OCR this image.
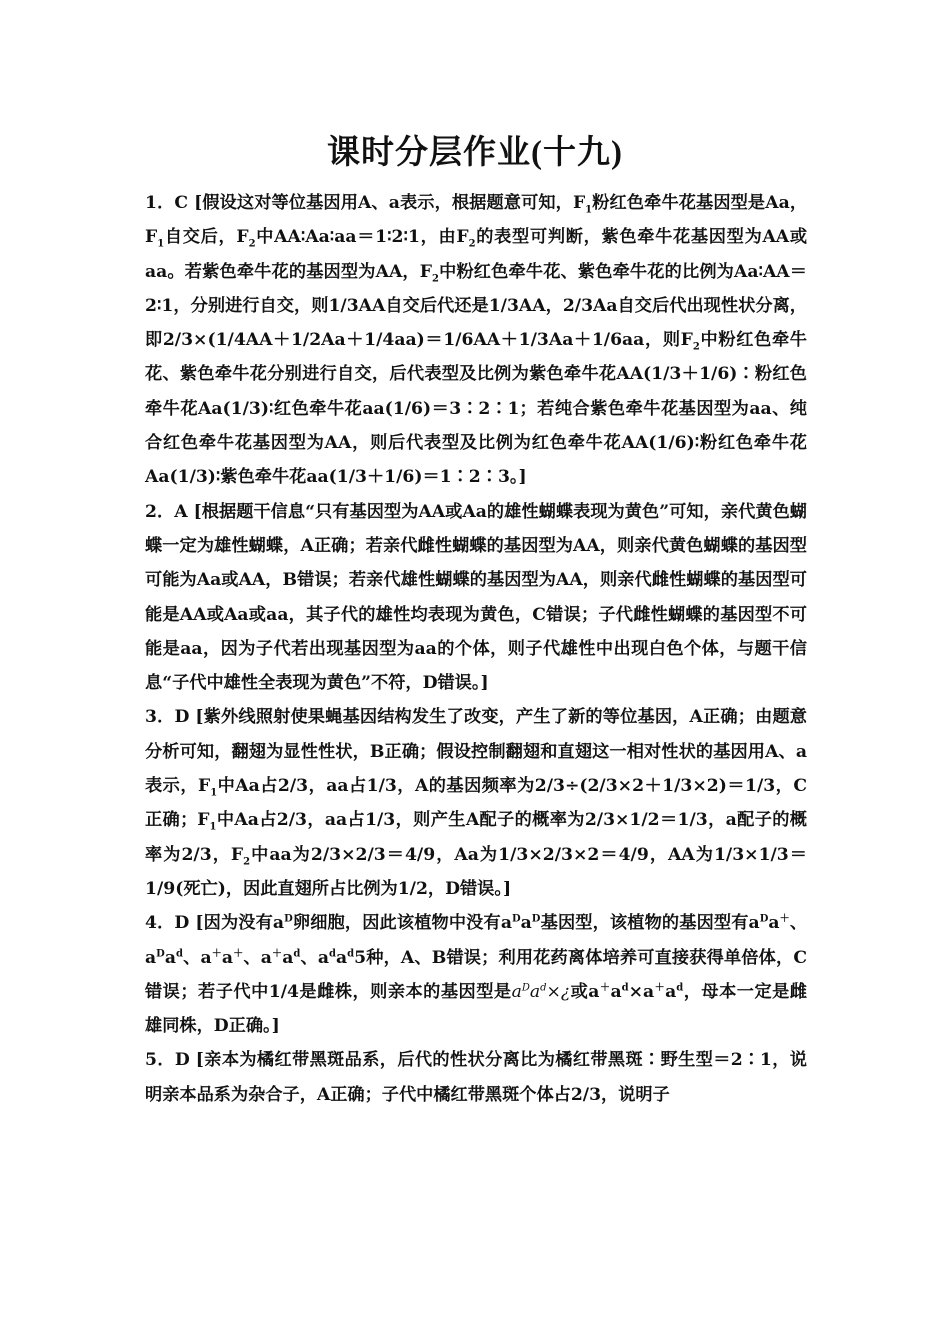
课时分层作业(十九)

1．C [假设这对等位基因用A、a表示，根据题意可知，$F_1$粉红色牵牛花基因型是Aa，$F_1$自交后，$F_2$中AA∶Aa∶aa＝1∶2∶1，由$F_2$的表型可判断，紫色牵牛花基因型为AA或aa。若紫色牵牛花的基因型为AA，$F_2$中粉红色牵牛花、紫色牵牛花的比例为Aa∶AA＝2∶1，分别进行自交，则1/3AA自交后代还是1/3AA，2/3Aa自交后代出现性状分离，即2/3×(1/4AA＋1/2Aa＋1/4aa)＝1/6AA＋1/3Aa＋1/6aa，则$F_2$中粉红色牵牛花、紫色牵牛花分别进行自交，后代表型及比例为紫色牵牛花AA(1/3＋1/6)∶粉红色牵牛花Aa(1/3)∶红色牵牛花aa(1/6)＝3∶2∶1；若纯合紫色牵牛花基因型为aa、纯合红色牵牛花基因型为AA，则后代表型及比例为红色牵牛花AA(1/6)∶粉红色牵牛花Aa(1/3)∶紫色牵牛花aa(1/3＋1/6)＝1∶2∶3。]

2．A [根据题干信息“只有基因型为AA或Aa的雄性蝴蝶表现为黄色”可知，亲代黄色蝴蝶一定为雄性蝴蝶，A正确；若亲代雌性蝴蝶的基因型为AA，则亲代黄色蝴蝶的基因型可能为Aa或AA，B错误；若亲代雄性蝴蝶的基因型为AA，则亲代雌性蝴蝶的基因型可能是AA或Aa或aa，其子代的雄性均表现为黄色，C错误；子代雌性蝴蝶的基因型不可能是aa，因为子代若出现基因型为aa的个体，则子代雄性中出现白色个体，与题干信息“子代中雄性全表现为黄色”不符，D错误。]

3．D [紫外线照射使果蝇基因结构发生了改变，产生了新的等位基因，A正确；由题意分析可知，翻翅为显性性状，B正确；假设控制翻翅和直翅这一相对性状的基因用A、a表示，$F_1$中Aa占2/3，aa占1/3，A的基因频率为2/3÷(2/3×2＋1/3×2)＝1/3，C正确；$F_1$中Aa占2/3，aa占1/3，则产生A配子的概率为2/3×1/2＝1/3，a配子的概率为2/3，$F_2$中aa为2/3×2/3＝4/9，Aa为1/3×2/3×2＝4/9，AA为1/3×1/3＝1/9(死亡)，因此直翅所占比例为1/2，D错误。]

4．D [因为没有$a^D$卵细胞，因此该植物中没有$a^Da^D$基因型，该植物的基因型有$a^Da^+$、$a^Da^d$、a＋a＋、$a^+a^d$、$a^da^d5$种，A、B错误；利用花药离体培养可直接获得单倍体，C错误；若子代中1/4是雌株，则亲本的基因型是$a^Da^d\times¿$或$a^+a^d\times a^+a^d$，母本一定是雌雄同株，D正确。]

5．D [亲本为橘红带黑斑品系，后代的性状分离比为橘红带黑斑∶野生型＝2∶1，说明亲本品系为杂合子，A正确；子代中橘红带黑斑个体占2/3，说明子
